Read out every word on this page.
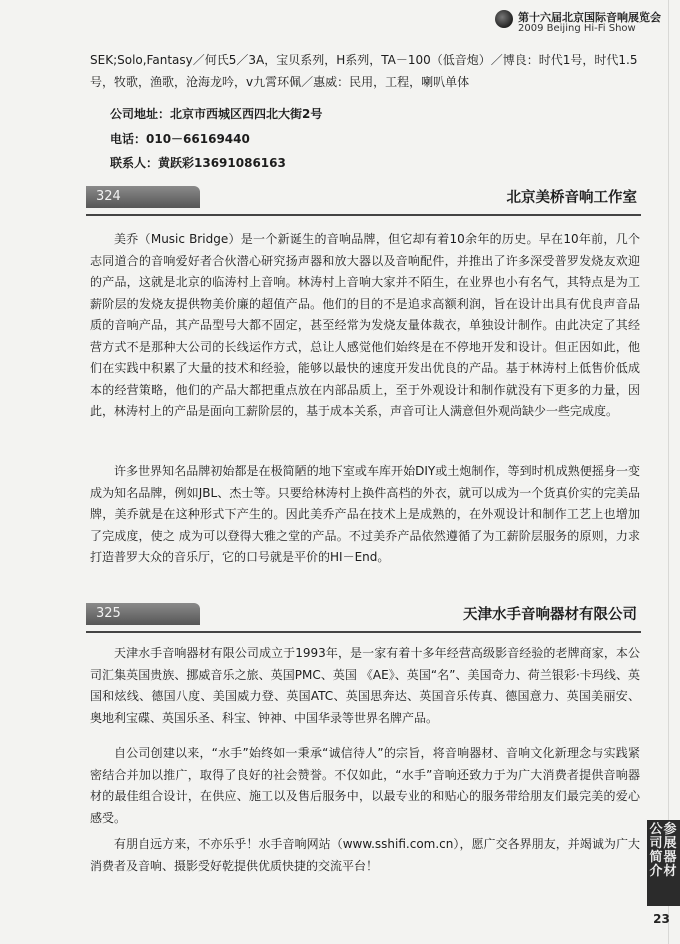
第十六届北京国际音响展览会
2009 Beijing Hi-Fi Show

SEK;Solo,Fantasy／何氏5／3A，宝贝系列，H系列，TA－100（低音炮）／博良：时代1号，时代1.5
号，牧歌，渔歌，沧海龙吟，v九霄环佩／惠威：民用，工程，喇叭单体

公司地址：北京市西城区西四北大街2号
电话：010－66169440
联系人：黄跃彩13691086163
324	北京美桥音响工作室

美乔（Music Bridge）是一个新诞生的音响品牌，但它却有着10余年的历史。早在10年前，几个志同道合的音响爱好者合伙潜心研究扬声器和放大器以及音响配件，并推出了许多深受普罗发烧友欢迎的产品，这就是北京的临涛村上音响。林涛村上音响大家并不陌生，在业界也小有名气，其特点是为工薪阶层的发烧友提供物美价廉的超值产品。他们的目的不是追求高额利润，旨在设计出具有优良声音品质的音响产品，其产品型号大都不固定，甚至经常为发烧友量体裁衣，单独设计制作。由此决定了其经营方式不是那种大公司的长线运作方式，总让人感觉他们始终是在不停地开发和设计。但正因如此，他们在实践中积累了大量的技术和经验，能够以最快的速度开发出优良的产品。基于林涛村上低售价低成本的经营策略，他们的产品大都把重点放在内部品质上，至于外观设计和制作就没有下更多的力量，因此，林涛村上的产品是面向工薪阶层的，基于成本关系，声音可让人满意但外观尚缺少一些完成度。

许多世界知名品牌初始都是在极简陋的地下室或车库开始DIY或土炮制作，等到时机成熟便摇身一变成为知名品牌，例如JBL、杰士等。只要给林涛村上换件高档的外衣，就可以成为一个货真价实的完美品牌，美乔就是在这种形式下产生的。因此美乔产品在技术上是成熟的，在外观设计和制作工艺上也增加了完成度，使之 成为可以登得大雅之堂的产品。不过美乔产品依然遵循了为工薪阶层服务的原则，力求打造普罗大众的音乐厅，它的口号就是平价的HI－End。

325	天津水手音响器材有限公司

天津水手音响器材有限公司成立于1993年，是一家有着十多年经营高级影音经验的老牌商家，本公司汇集英国贵族、挪威音乐之旅、英国PMC、英国 《AE》、英国“名”、美国奇力、荷兰银彩·卡玛线、英国和炫线、德国八度、美国威力登、英国ATC、英国思奔达、英国音乐传真、德国意力、英国美丽安、奥地利宝碟、英国乐圣、科宝、钟神、中国华录等世界名牌产品。

自公司创建以来，“水手”始终如一秉承“诚信待人”的宗旨，将音响器材、音响文化新理念与实践紧密结合并加以推广，取得了良好的社会赞誉。不仅如此，“水手”音响还致力于为广大消费者提供音响器材的最佳组合设计，在供应、施工以及售后服务中，以最专业的和贴心的服务带给朋友们最完美的爱心感受。

有朋自远方来，不亦乐乎！水手音响网站（www.sshifi.com.cn），愿广交各界朋友，并竭诚为广大消费者及音响、摄影受好乾提供优质快捷的交流平台！

参展器材
公司简介
23
